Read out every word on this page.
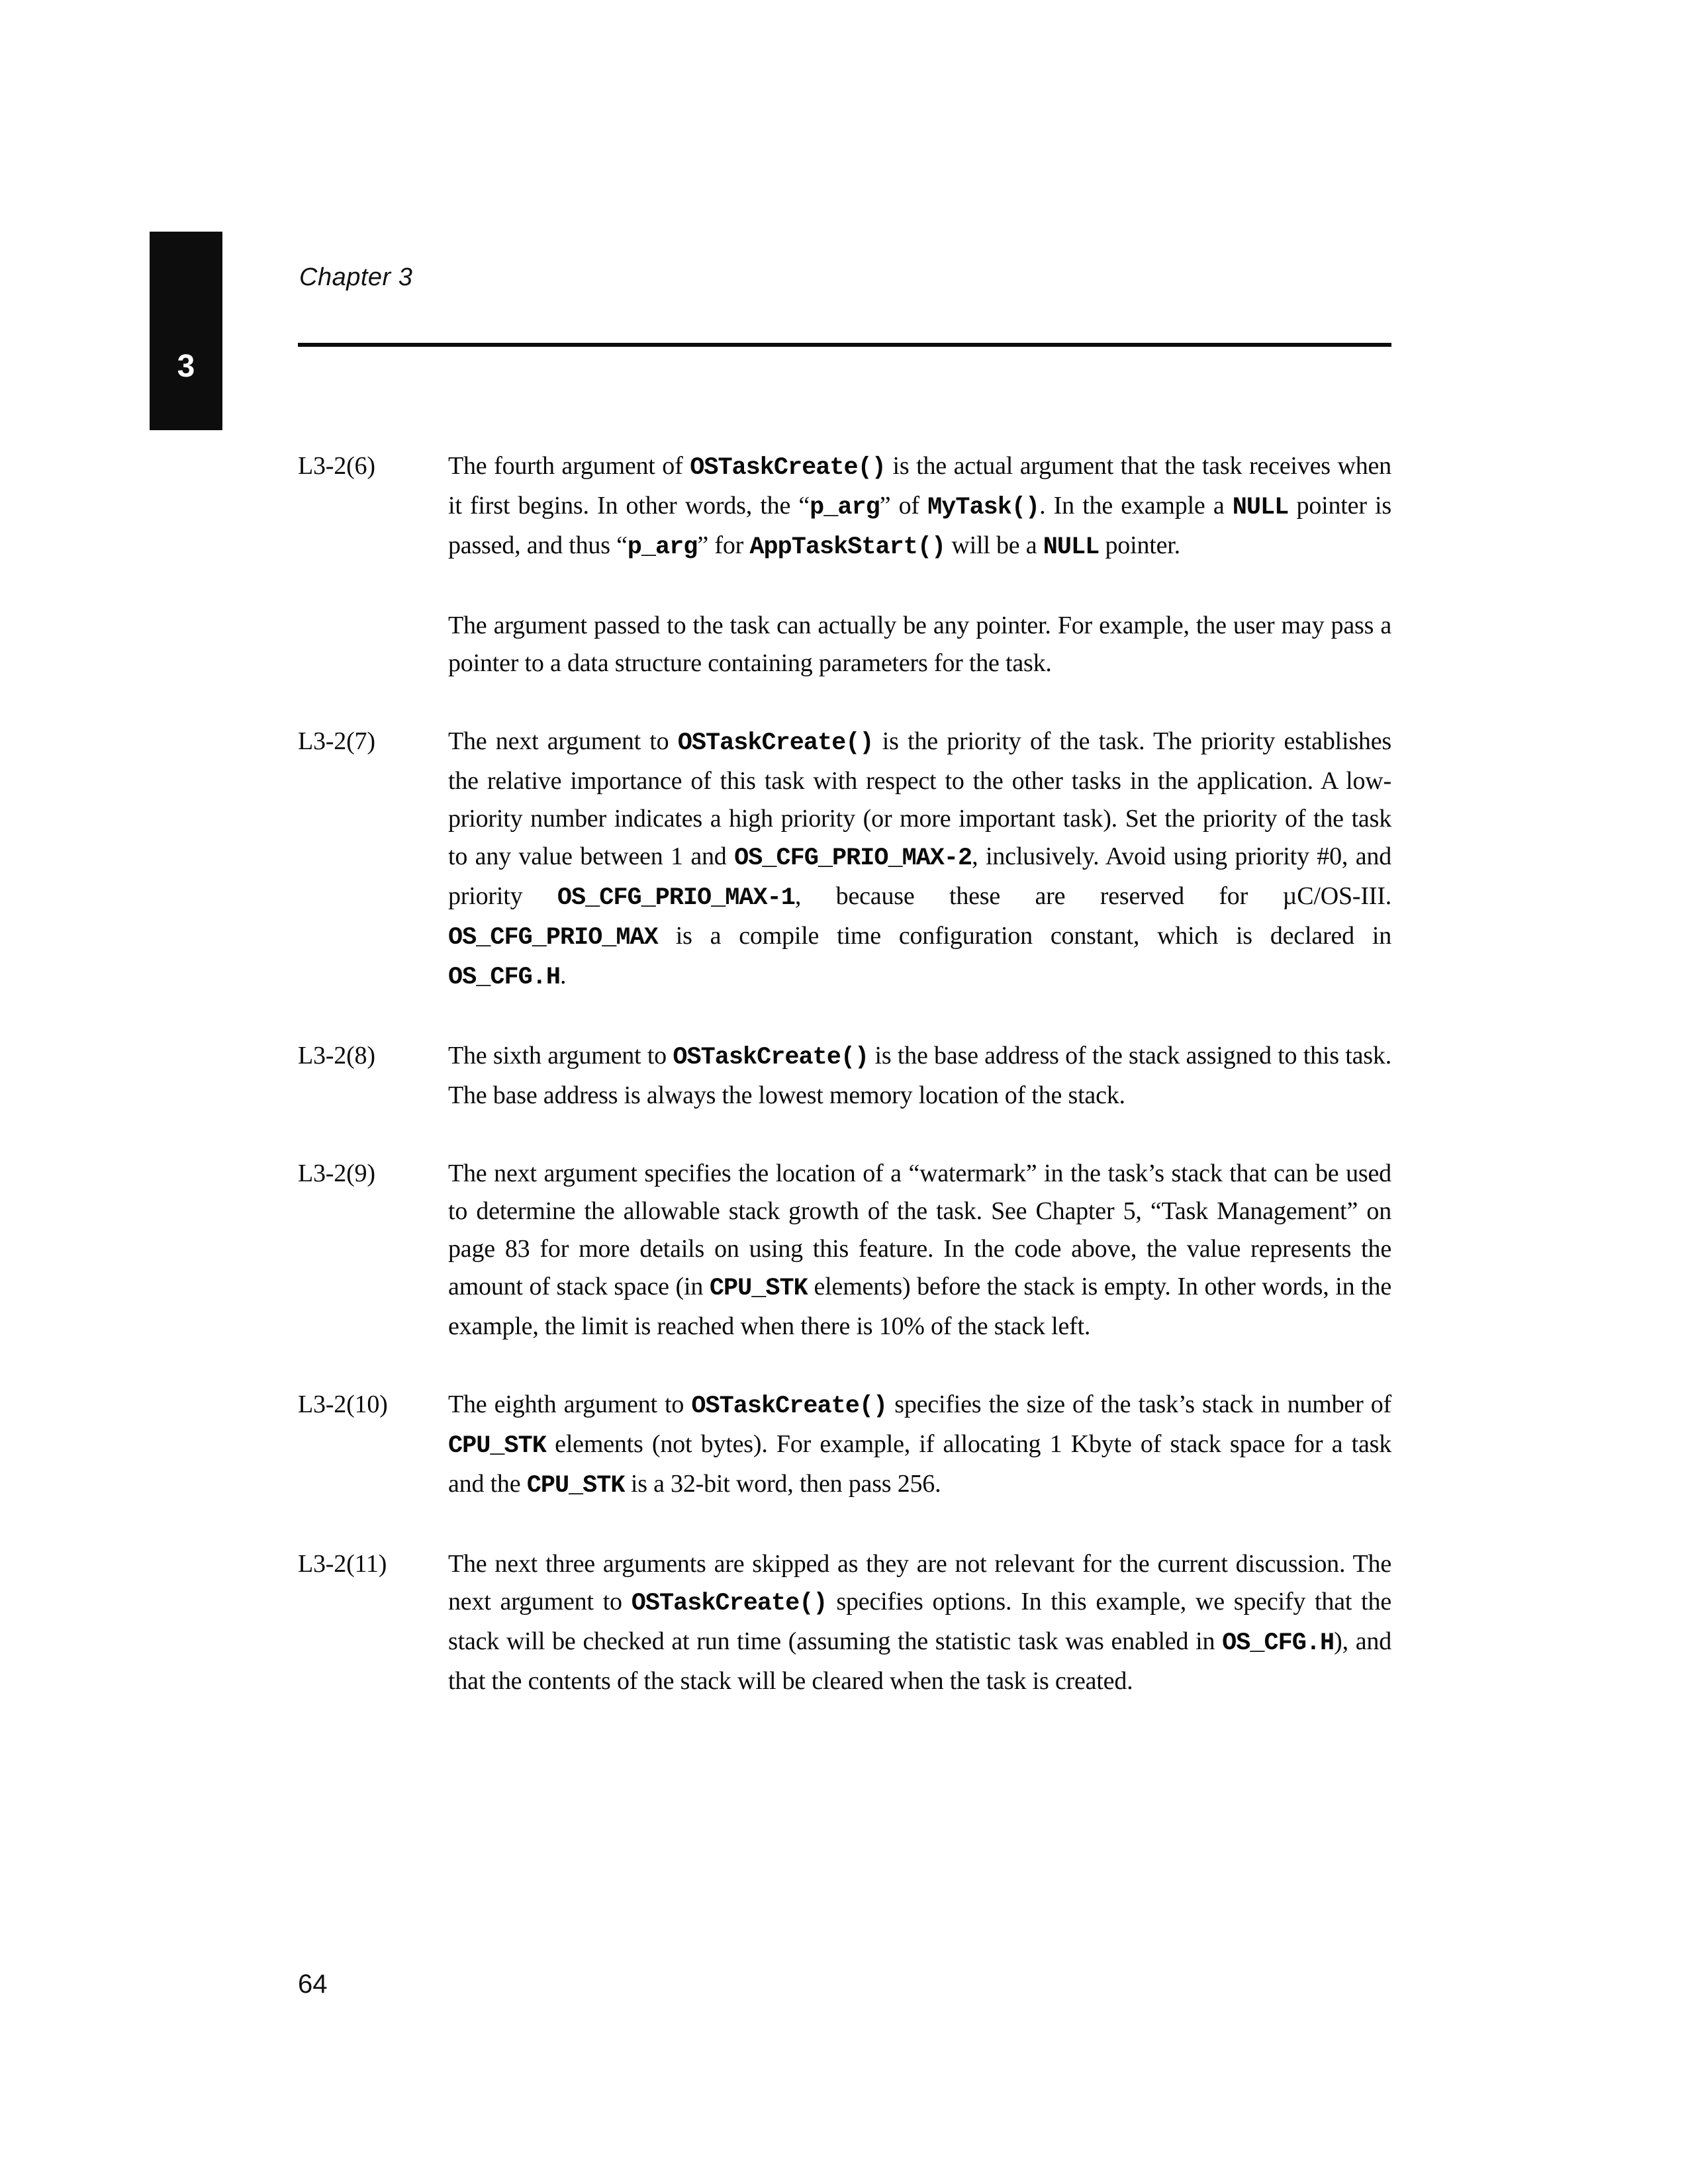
3
Chapter 3
L3-2(6)	The fourth argument of OSTaskCreate() is the actual argument that the task receives when it first begins. In other words, the “p_arg” of MyTask(). In the example a NULL pointer is passed, and thus “p_arg” for AppTaskStart() will be a NULL pointer.
The argument passed to the task can actually be any pointer. For example, the user may pass a pointer to a data structure containing parameters for the task.
L3-2(7)	The next argument to OSTaskCreate() is the priority of the task. The priority establishes the relative importance of this task with respect to the other tasks in the application. A low-priority number indicates a high priority (or more important task). Set the priority of the task to any value between 1 and OS_CFG_PRIO_MAX-2, inclusively. Avoid using priority #0, and priority OS_CFG_PRIO_MAX-1, because these are reserved for µC/OS-III. OS_CFG_PRIO_MAX is a compile time configuration constant, which is declared in OS_CFG.H.
L3-2(8)	The sixth argument to OSTaskCreate() is the base address of the stack assigned to this task. The base address is always the lowest memory location of the stack.
L3-2(9)	The next argument specifies the location of a “watermark” in the task’s stack that can be used to determine the allowable stack growth of the task. See Chapter 5, “Task Management” on page 83 for more details on using this feature. In the code above, the value represents the amount of stack space (in CPU_STK elements) before the stack is empty. In other words, in the example, the limit is reached when there is 10% of the stack left.
L3-2(10)	The eighth argument to OSTaskCreate() specifies the size of the task’s stack in number of CPU_STK elements (not bytes). For example, if allocating 1 Kbyte of stack space for a task and the CPU_STK is a 32-bit word, then pass 256.
L3-2(11)	The next three arguments are skipped as they are not relevant for the current discussion. The next argument to OSTaskCreate() specifies options. In this example, we specify that the stack will be checked at run time (assuming the statistic task was enabled in OS_CFG.H), and that the contents of the stack will be cleared when the task is created.
64
